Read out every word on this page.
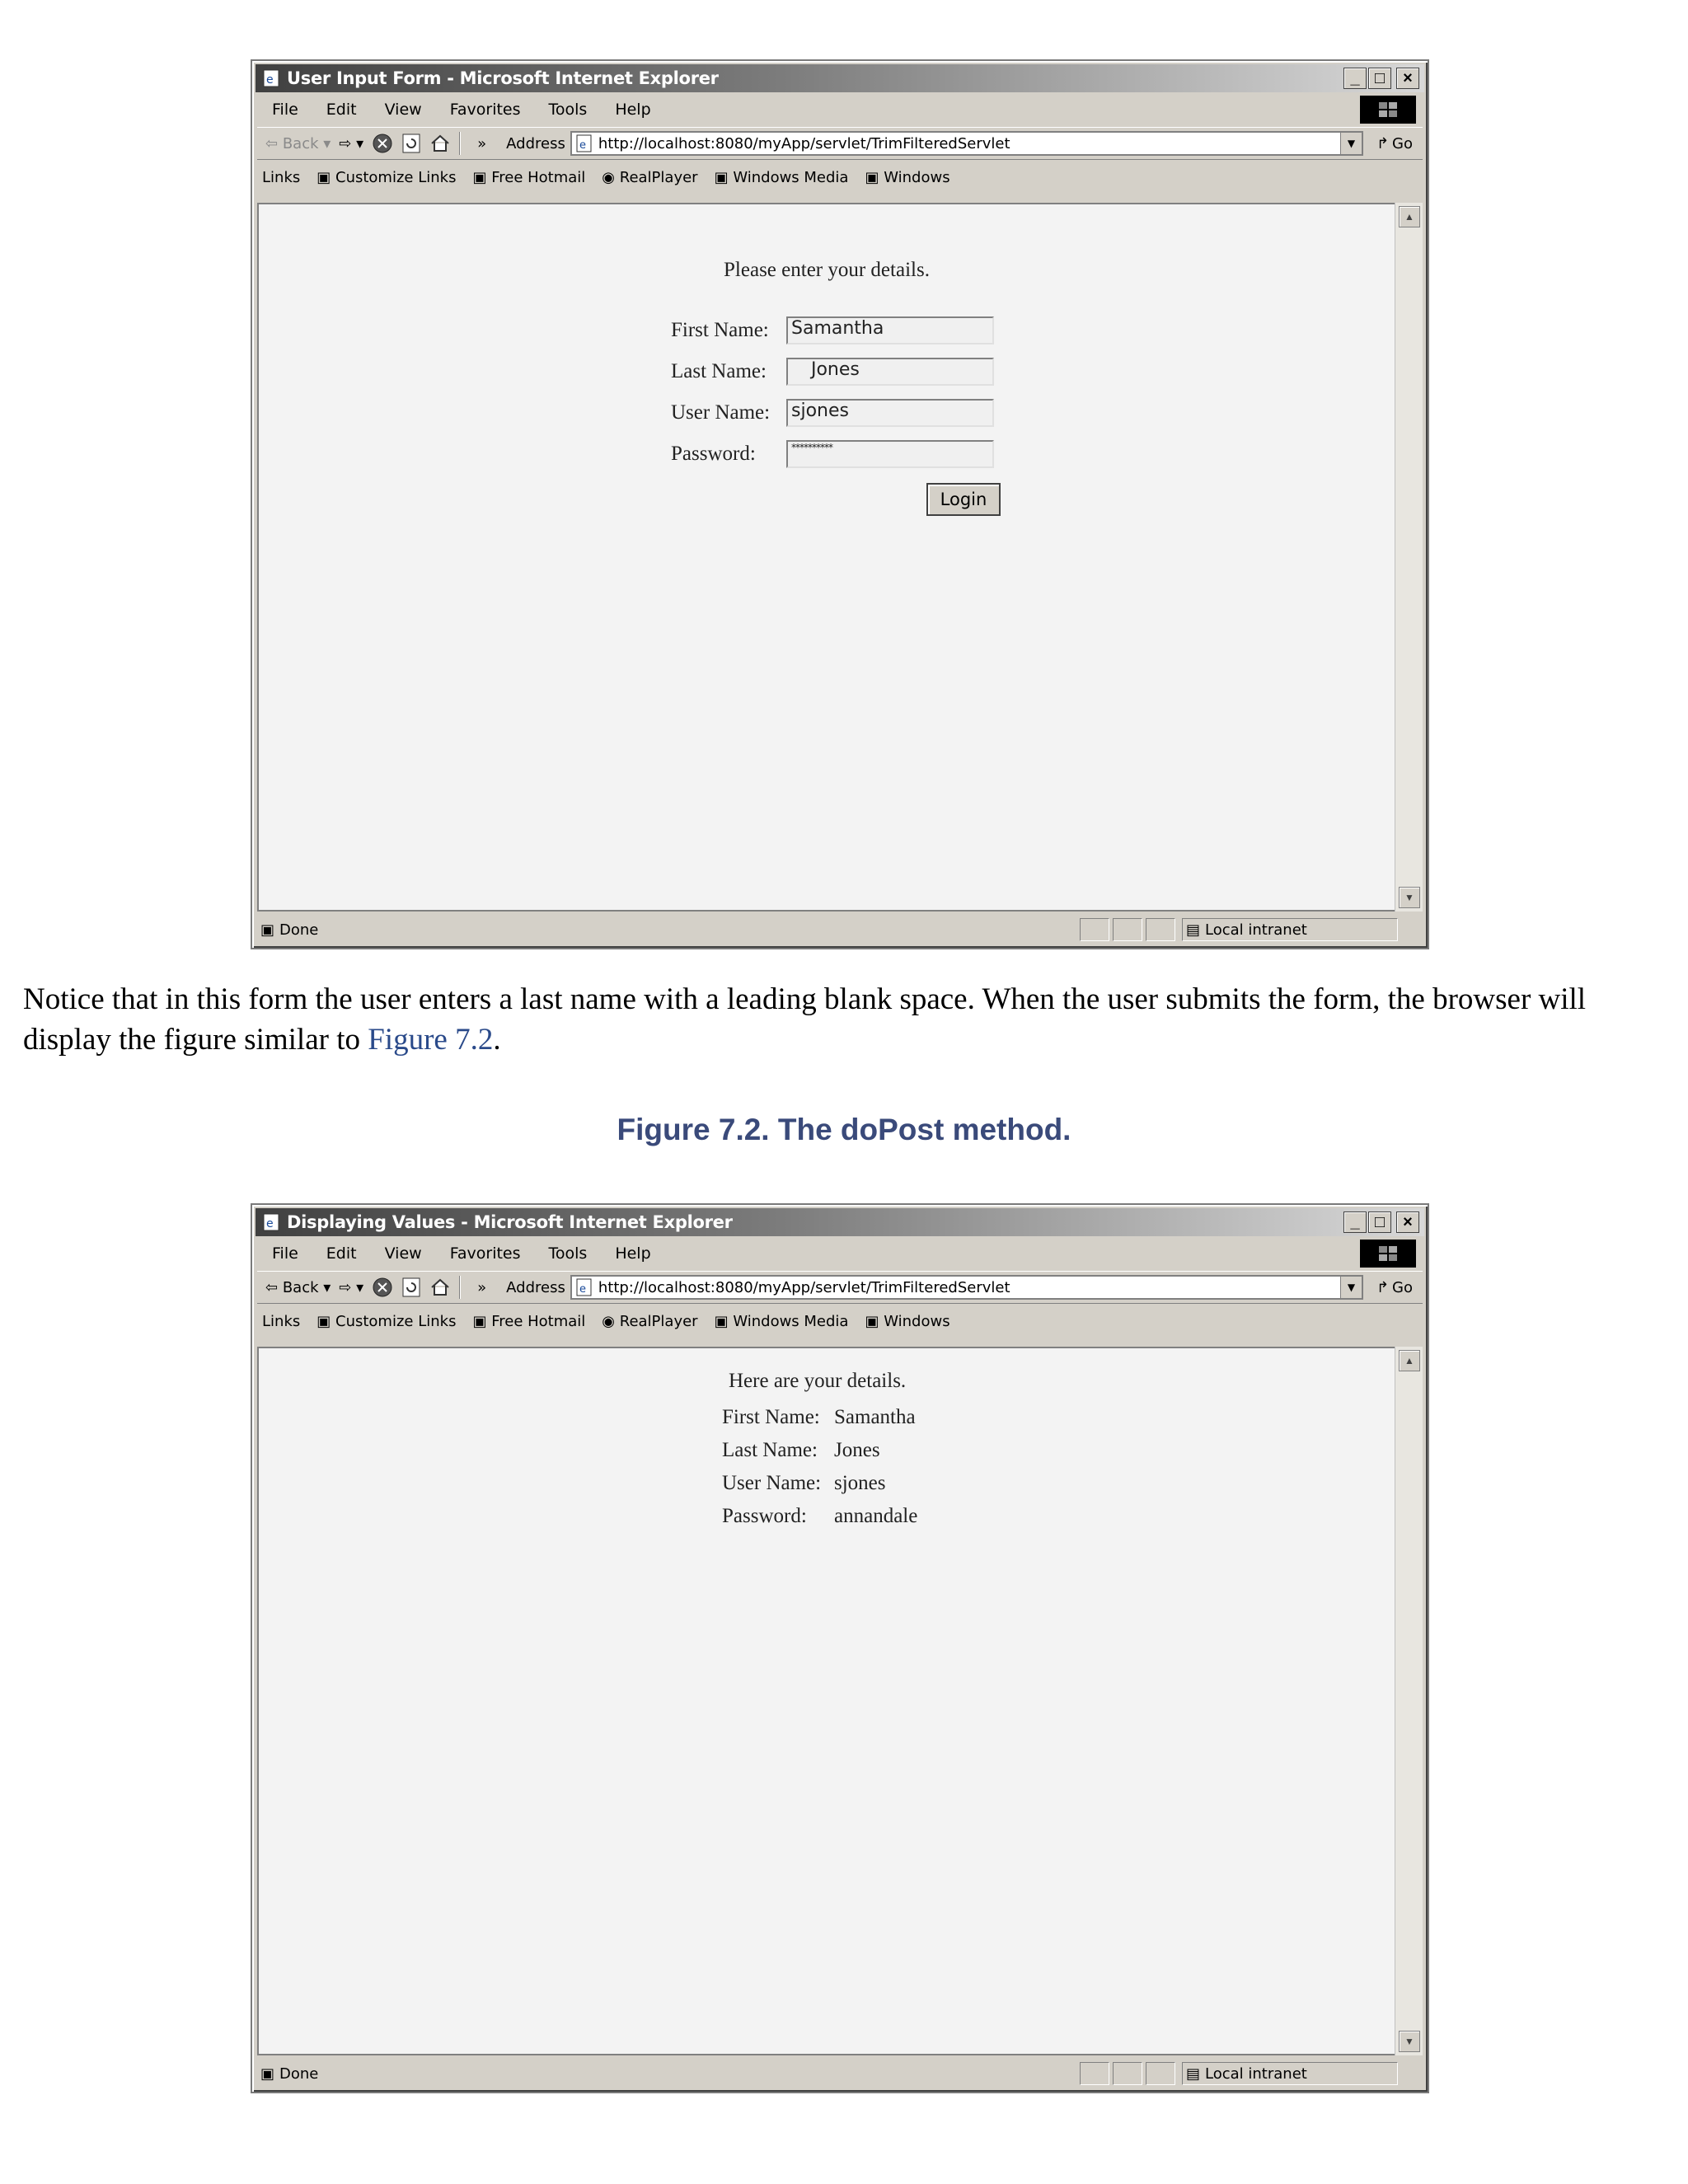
e User Input Form - Microsoft Internet Explorer	_ □	×
File Edit View Favorites Tools Help
⇦
Back ▾ ⇨ ▾	» Address e http://localhost:8080/myApp/servlet/TrimFilteredServlet	▼	↱ Go
Links ▣
Customize Links ▣
Free Hotmail ◉
RealPlayer ▣
Windows Media ▣
Windows
Please enter your details.
First Name:	Samantha
Last Name:	Jones
User Name:	sjones
Password:	**********
Login
▲
▼
▣ Done	▤ Local intranet
Notice that in this form the user enters a last name with a leading blank space. When the user submits the form, the browser will display the figure similar to Figure 7.2.
Figure 7.2. The doPost method.
e Displaying Values - Microsoft Internet Explorer	_ □	×
File Edit View Favorites Tools Help
⇦
Back ▾ ⇨ ▾	» Address e http://localhost:8080/myApp/servlet/TrimFilteredServlet	▼	↱ Go
Links ▣
Customize Links ▣
Free Hotmail ◉
RealPlayer ▣
Windows Media ▣
Windows
Here are your details.
First Name: Samantha
Last Name: Jones
User Name: sjones
Password:	annandale
▲
▼
▣ Done	▤ Local intranet
